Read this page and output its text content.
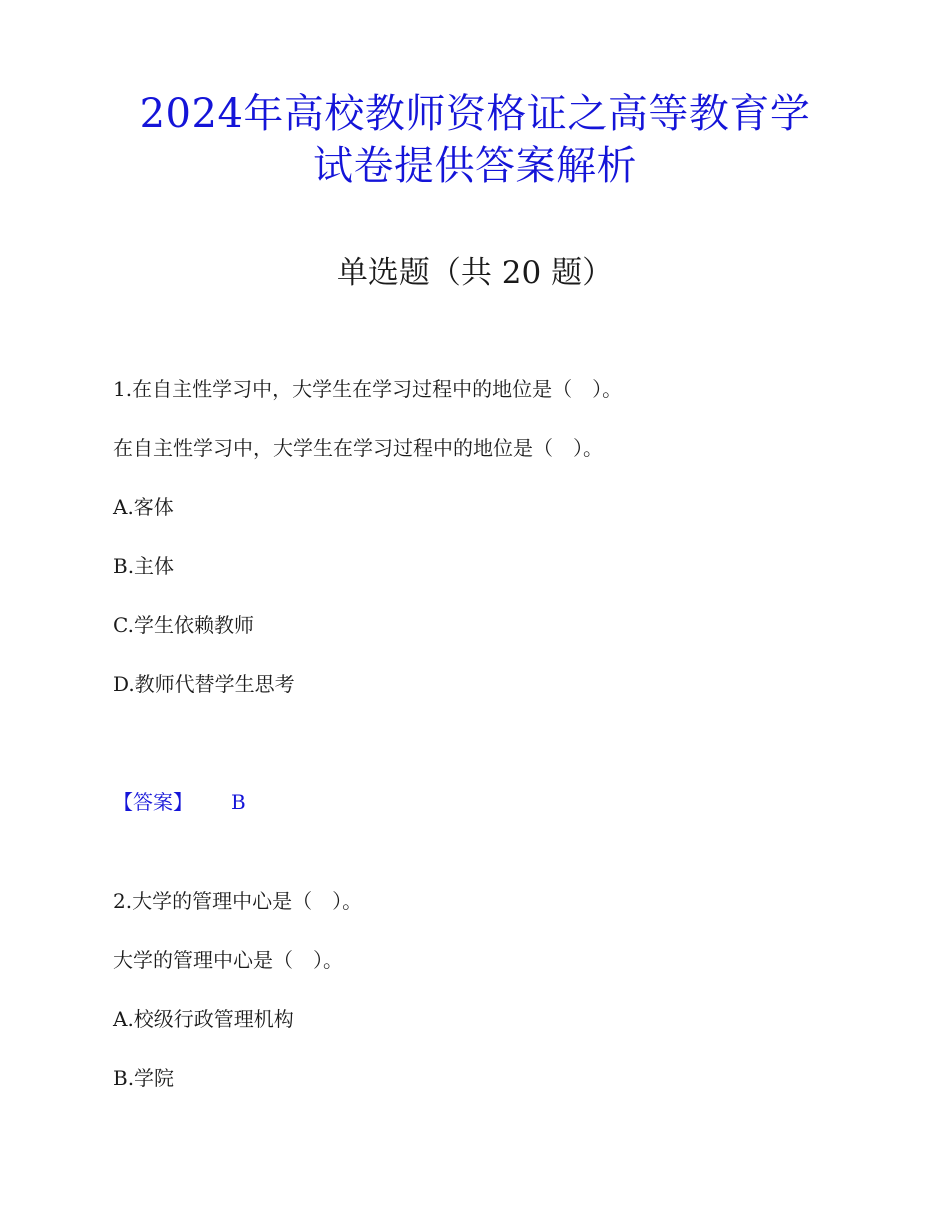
2024年高校教师资格证之高等教育学
试卷提供答案解析
单选题（共 20 题）
1.在自主性学习中，大学生在学习过程中的地位是（　）。
在自主性学习中，大学生在学习过程中的地位是（　）。
A.客体
B.主体
C.学生依赖教师
D.教师代替学生思考
【答案】 B
2.大学的管理中心是（　）。
大学的管理中心是（　）。
A.校级行政管理机构
B.学院
